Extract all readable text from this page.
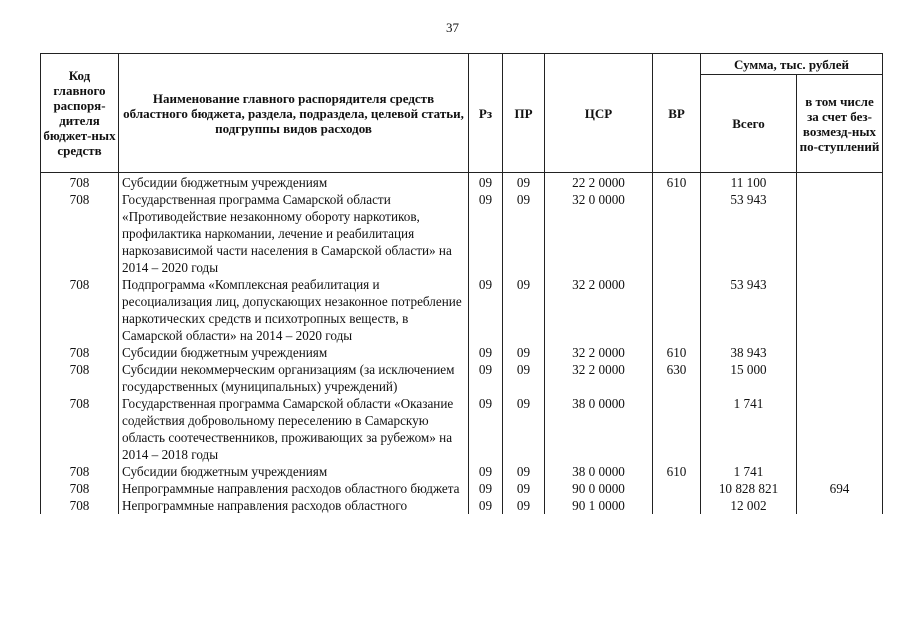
37
Код главного распоря-дителя бюджет-ных средств	Наименование главного распорядителя средств областного бюджета, раздела, подраздела, целевой статьи, подгруппы видов расходов	Рз	ПР	ЦСР	ВР	Сумма, тыс. рублей	
						Всего	в том числе за счет без-возмезд-ных по-ступлений
708	Субсидии бюджетным учреждениям	09	09	22 2 0000	610	11 100	
708	Государственная программа Самарской области «Противодействие незаконному обороту наркотиков, профилактика наркомании, лечение и реабилитация наркозависимой части населения в Самарской области» на 2014 – 2020 годы	09	09	32 0 0000		53 943	
708	Подпрограмма «Комплексная реабилитация и ресоциализация лиц, допускающих незаконное потребление наркотических средств и психотропных веществ, в Самарской области» на 2014 – 2020 годы	09	09	32 2 0000		53 943	
708	Субсидии бюджетным учреждениям	09	09	32 2 0000	610	38 943	
708	Субсидии некоммерческим организациям (за исключением государственных (муниципальных) учреждений)	09	09	32 2 0000	630	15 000	
708	Государственная программа Самарской области «Оказание содействия добровольному переселению в Самарскую область соотечественников, проживающих за рубежом» на 2014 – 2018 годы	09	09	38 0 0000		1 741	
708	Субсидии бюджетным учреждениям	09	09	38 0 0000	610	1 741	
708	Непрограммные направления расходов областного бюджета	09	09	90 0 0000		10 828 821	694
708	Непрограммные направления расходов областного	09	09	90 1 0000		12 002	
